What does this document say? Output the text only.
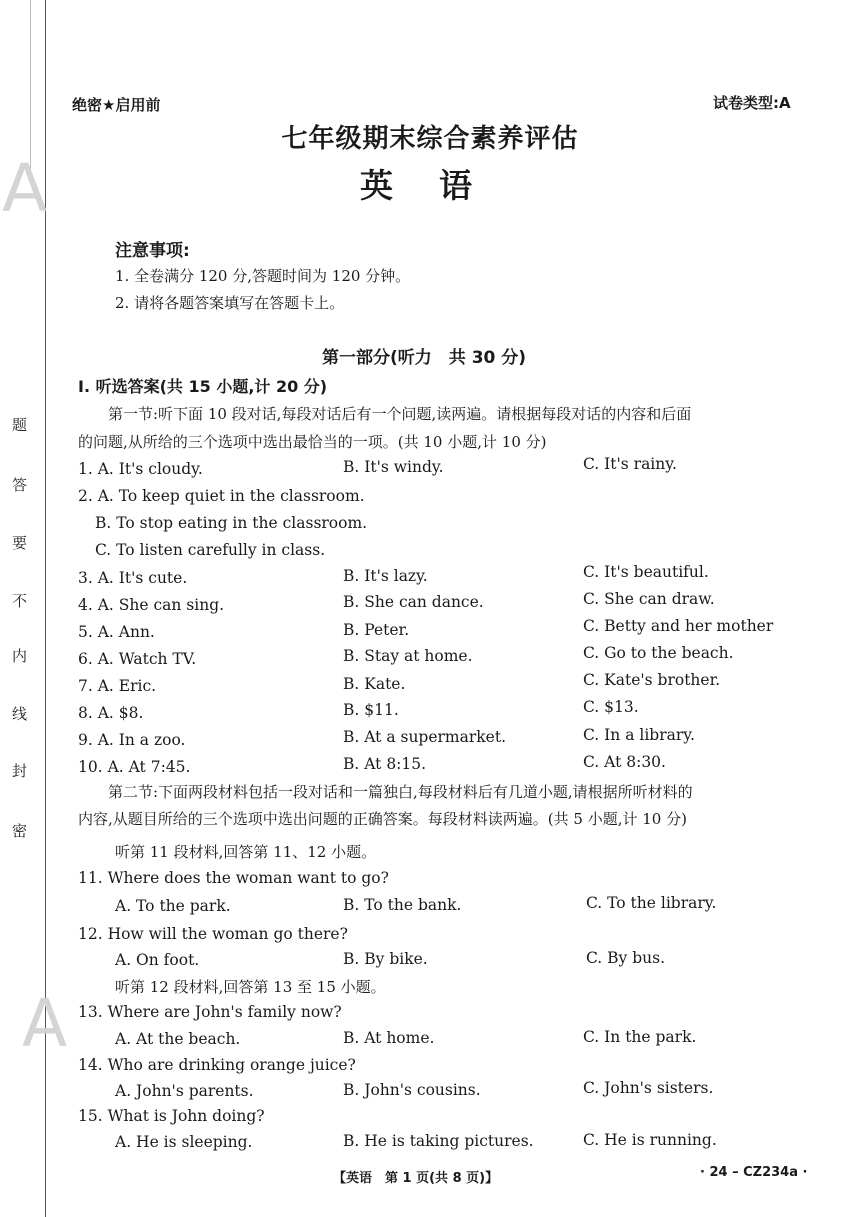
A
A
题
答
要
不
内
线
封
密
绝密★启用前	试卷类型:A
七年级期末综合素养评估
英语
注意事项:
1. 全卷满分 120 分,答题时间为 120 分钟。
2. 请将各题答案填写在答题卡上。
第一部分(听力　共 30 分)
Ⅰ. 听选答案(共 15 小题,计 20 分)
第一节:听下面 10 段对话,每段对话后有一个问题,读两遍。请根据每段对话的内容和后面
的问题,从所给的三个选项中选出最恰当的一项。(共 10 小题,计 10 分)
1. A. It's cloudy.	B. It's windy.	C. It's rainy.
2. A. To keep quiet in the classroom.
B. To stop eating in the classroom.
C. To listen carefully in class.
3. A. It's cute.	B. It's lazy.	C. It's beautiful.
4. A. She can sing.	B. She can dance.	C. She can draw.
5. A. Ann.	B. Peter.	C. Betty and her mother
6. A. Watch TV.	B. Stay at home.	C. Go to the beach.
7. A. Eric.	B. Kate.	C. Kate's brother.
8. A. $8.	B. $11.	C. $13.
9. A. In a zoo.	B. At a supermarket.	C. In a library.
10. A. At 7:45.	B. At 8:15.	C. At 8:30.
第二节:下面两段材料包括一段对话和一篇独白,每段材料后有几道小题,请根据所听材料的
内容,从题目所给的三个选项中选出问题的正确答案。每段材料读两遍。(共 5 小题,计 10 分)
听第 11 段材料,回答第 11、12 小题。
11. Where does the woman want to go?
A. To the park.	B. To the bank.	C. To the library.
12. How will the woman go there?
A. On foot.	B. By bike.	C. By bus.
听第 12 段材料,回答第 13 至 15 小题。
13. Where are John's family now?
A. At the beach.	B. At home.	C. In the park.
14. Who are drinking orange juice?
A. John's parents.	B. John's cousins.	C. John's sisters.
15. What is John doing?
A. He is sleeping.	B. He is taking pictures.	C. He is running.
【英语　第 1 页(共 8 页)】	· 24 – CZ234a ·
